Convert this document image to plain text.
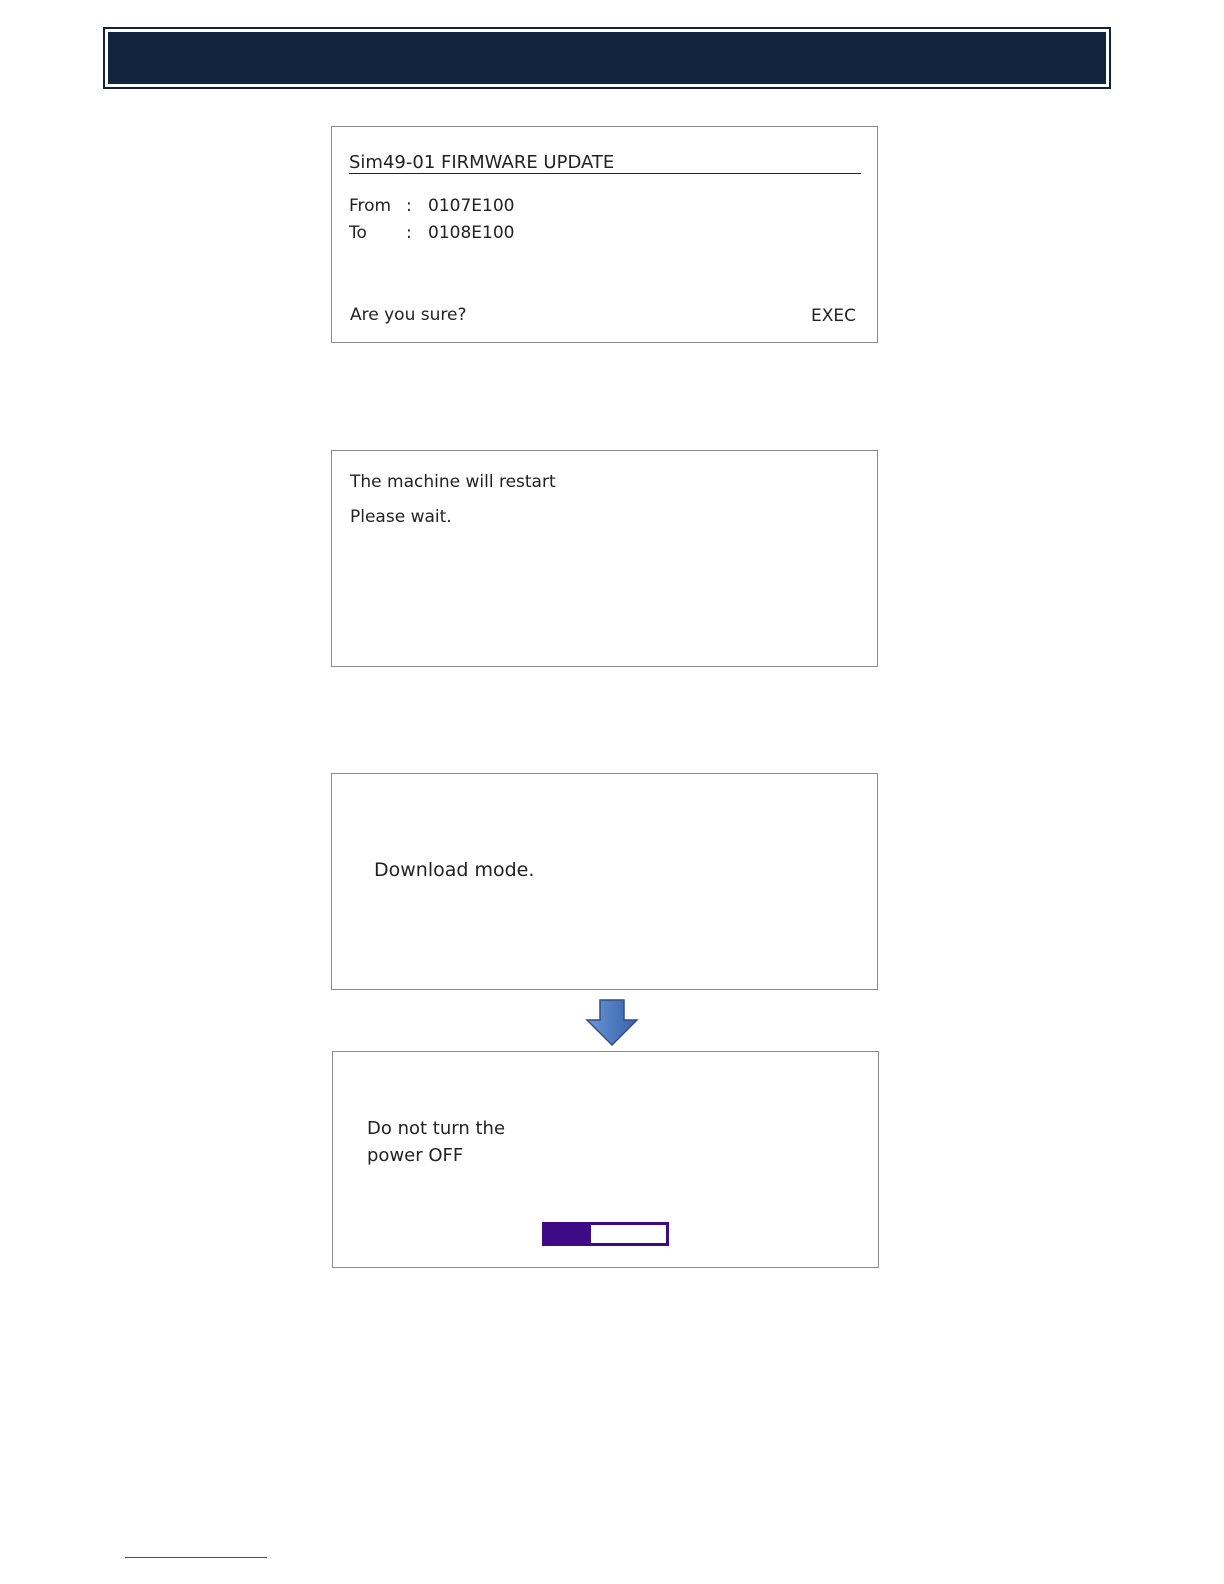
Sim49-01 FIRMWARE UPDATE
From : 0107E100
To : 0108E100
Are you sure?	EXEC
The machine will restart
Please wait.
Download mode.
Do not turn the
power OFF
